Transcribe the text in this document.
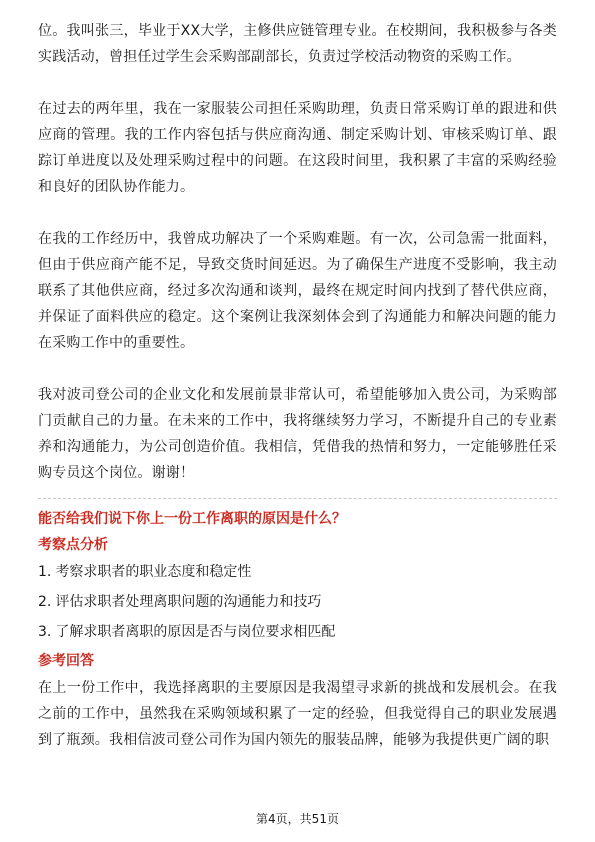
位。我叫张三，毕业于XX大学，主修供应链管理专业。在校期间，我积极参与各类实践活动，曾担任过学生会采购部副部长，负责过学校活动物资的采购工作。

在过去的两年里，我在一家服装公司担任采购助理，负责日常采购订单的跟进和供应商的管理。我的工作内容包括与供应商沟通、制定采购计划、审核采购订单、跟踪订单进度以及处理采购过程中的问题。在这段时间里，我积累了丰富的采购经验和良好的团队协作能力。

在我的工作经历中，我曾成功解决了一个采购难题。有一次，公司急需一批面料，但由于供应商产能不足，导致交货时间延迟。为了确保生产进度不受影响，我主动联系了其他供应商，经过多次沟通和谈判，最终在规定时间内找到了替代供应商，并保证了面料供应的稳定。这个案例让我深刻体会到了沟通能力和解决问题的能力在采购工作中的重要性。

我对波司登公司的企业文化和发展前景非常认可，希望能够加入贵公司，为采购部门贡献自己的力量。在未来的工作中，我将继续努力学习，不断提升自己的专业素养和沟通能力，为公司创造价值。我相信，凭借我的热情和努力，一定能够胜任采购专员这个岗位。谢谢！

能否给我们说下你上一份工作离职的原因是什么？

考察点分析

1. 考察求职者的职业态度和稳定性
2. 评估求职者处理离职问题的沟通能力和技巧
3. 了解求职者离职的原因是否与岗位要求相匹配

参考回答

在上一份工作中，我选择离职的主要原因是我渴望寻求新的挑战和发展机会。在我之前的工作中，虽然我在采购领域积累了一定的经验，但我觉得自己的职业发展遇到了瓶颈。我相信波司登公司作为国内领先的服装品牌，能够为我提供更广阔的职

第4页，共51页
